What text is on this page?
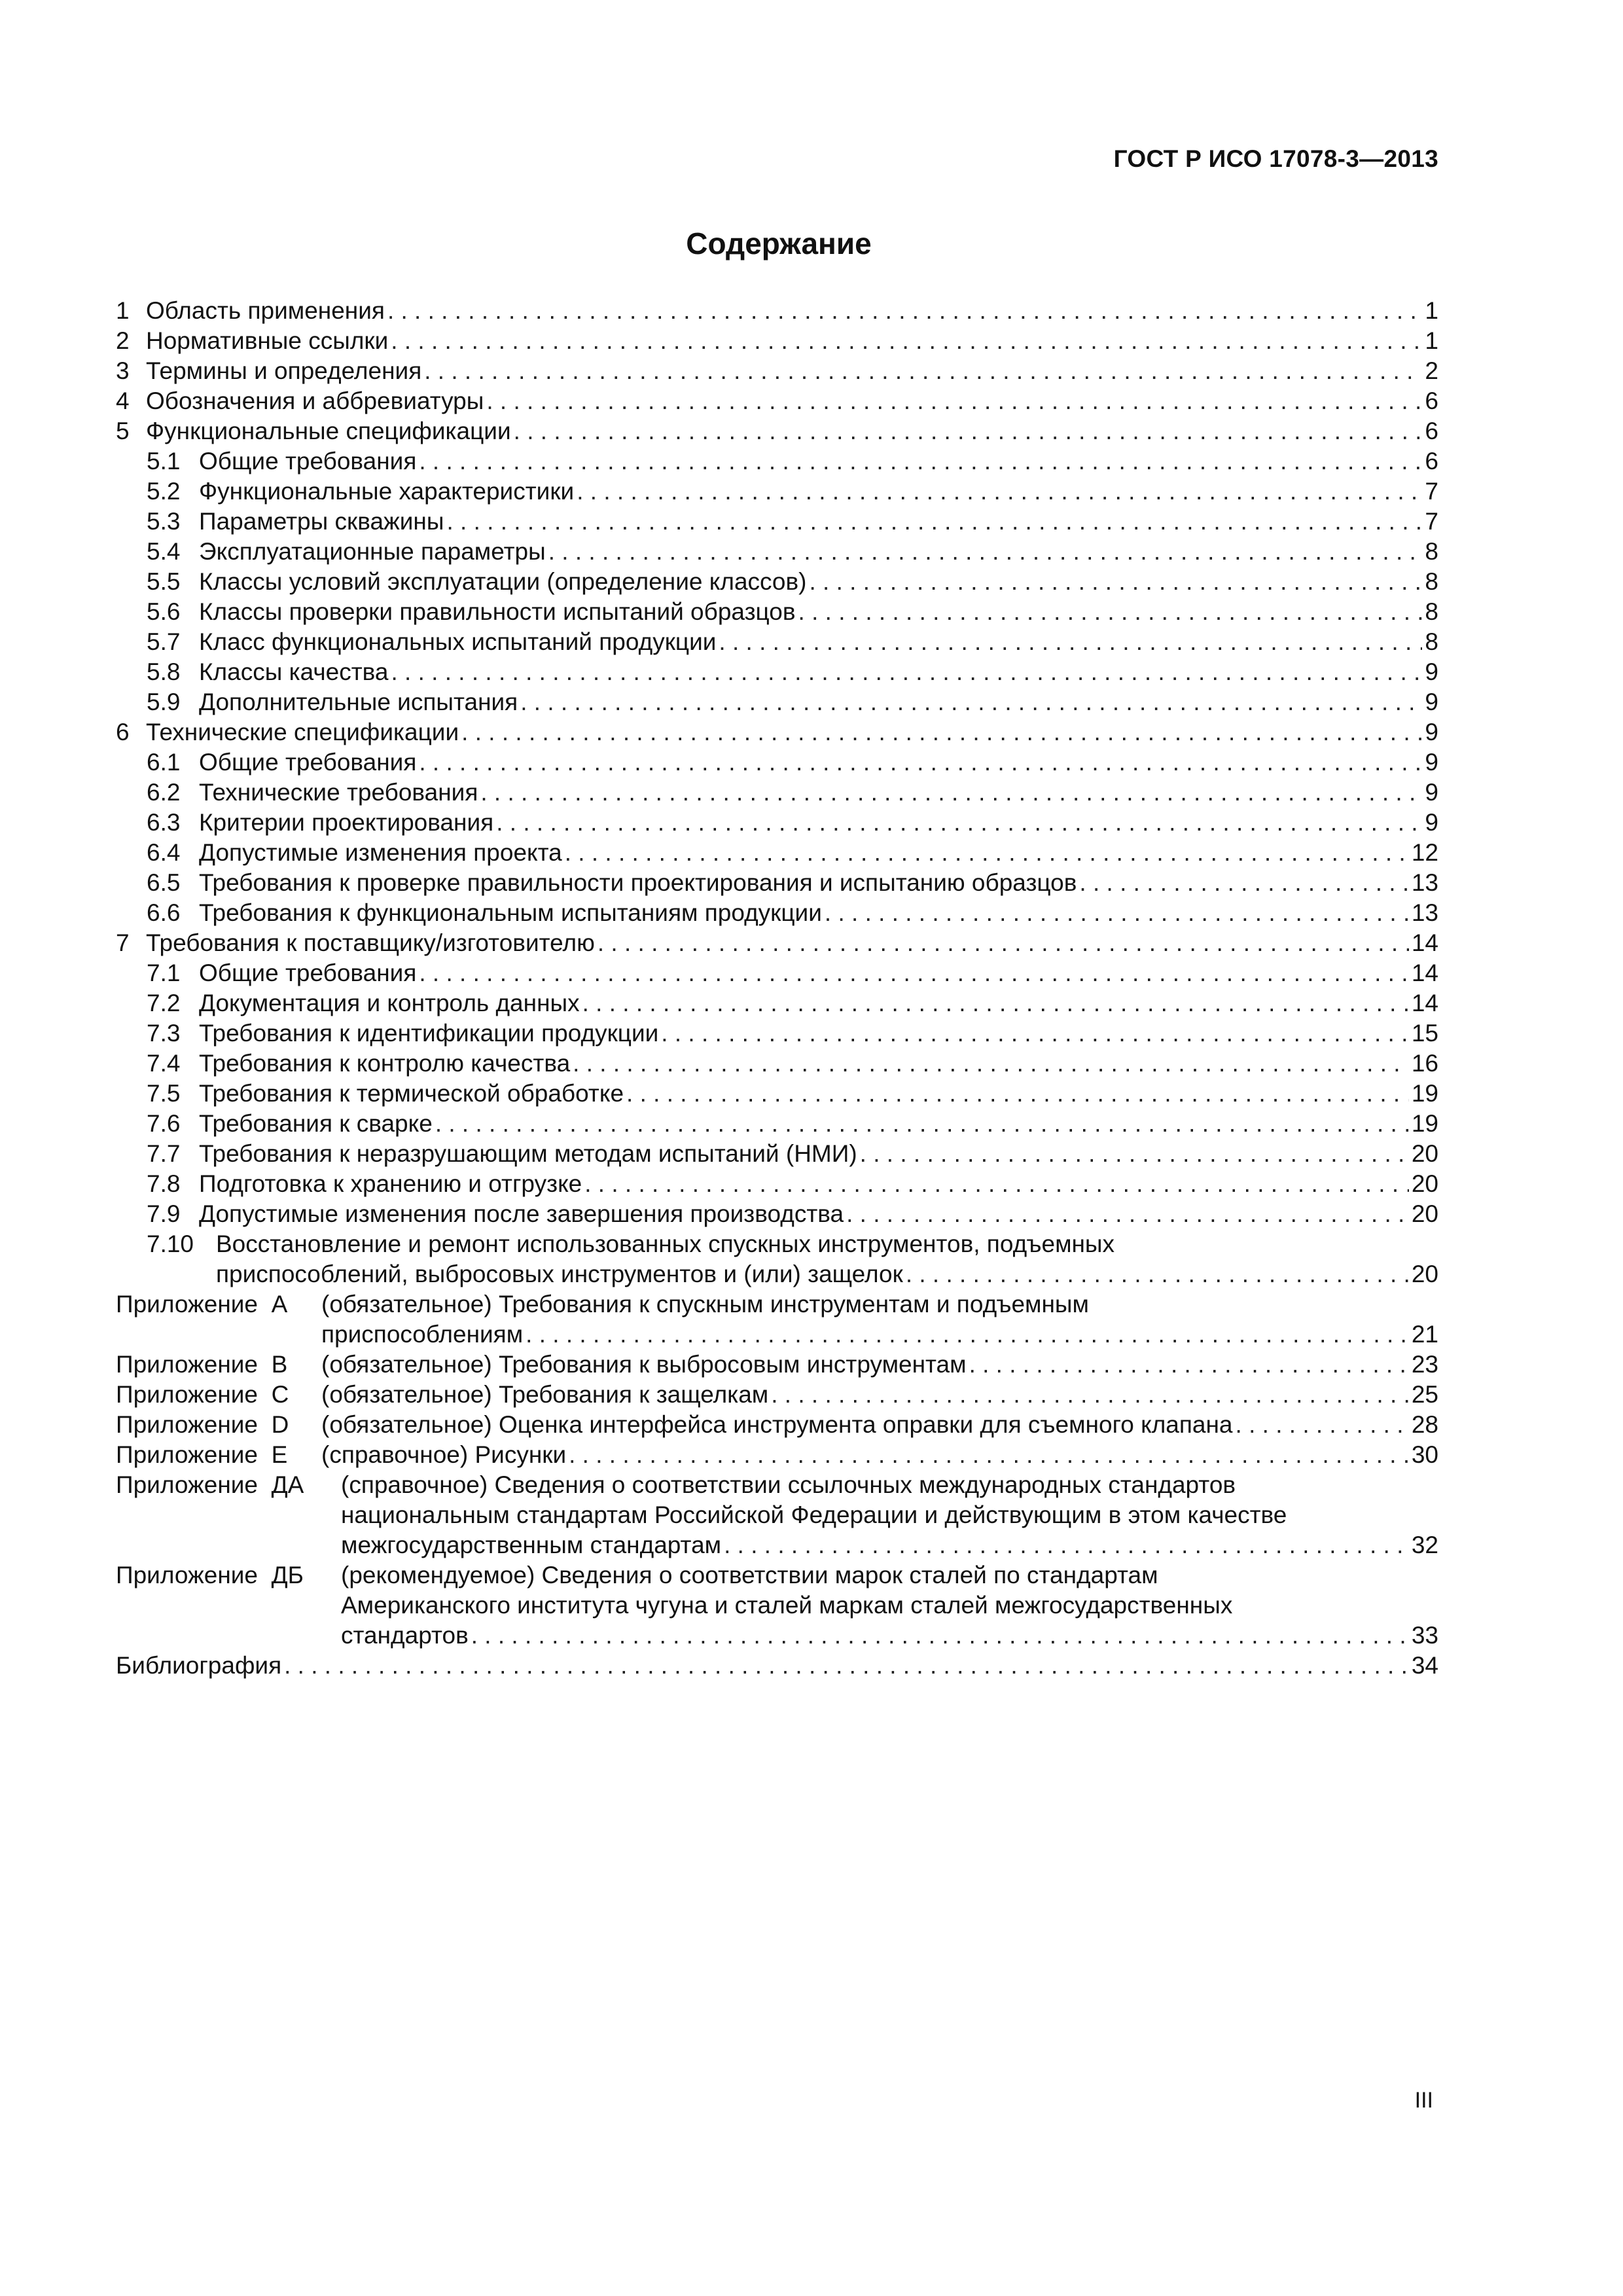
ГОСТ Р ИСО 17078-3—2013
Содержание
1 Область применения . . .	1
2 Нормативные ссылки . . .	1
3 Термины и определения . . .	2
4 Обозначения и аббревиатуры . . .	6
5 Функциональные спецификации . . .	6
5.1 Общие требования . . .	6
5.2 Функциональные характеристики . . .	7
5.3 Параметры скважины . . .	7
5.4 Эксплуатационные параметры . . .	8
5.5 Классы условий эксплуатации (определение классов) . . .	8
5.6 Классы проверки правильности испытаний образцов . . .	8
5.7 Класс функциональных испытаний продукции . . .	8
5.8 Классы качества . . .	9
5.9 Дополнительные испытания . . .	9
6 Технические спецификации . . .	9
6.1 Общие требования . . .	9
6.2 Технические требования . . .	9
6.3 Критерии проектирования . . .	9
6.4 Допустимые изменения проекта . . .	12
6.5 Требования к проверке правильности проектирования и испытанию образцов . . .	13
6.6 Требования к функциональным испытаниям продукции . . .	13
7 Требования к поставщику/изготовителю . . .	14
7.1 Общие требования . . .	14
7.2 Документация и контроль данных . . .	14
7.3 Требования к идентификации продукции . . .	15
7.4 Требования к контролю качества . . .	16
7.5 Требования к термической обработке . . .	19
7.6 Требования к сварке . . .	19
7.7 Требования к неразрушающим методам испытаний (НМИ) . . .	20
7.8 Подготовка к хранению и отгрузке . . .	20
7.9 Допустимые изменения после завершения производства . . .	20
7.10 Восстановление и ремонт использованных спускных инструментов, подъемных
приспособлений, выбросовых инструментов и (или) защелок . . .	20
Приложение  А	(обязательное) Требования к спускным инструментам и подъемным
приспособлениям . . .	21
Приложение  В	(обязательное) Требования к выбросовым инструментам . . .	23
Приложение  С	(обязательное) Требования к защелкам . . .	25
Приложение  D	(обязательное) Оценка интерфейса инструмента оправки для съемного клапана . . .	28
Приложение  Е	(справочное) Рисунки . . .	30
Приложение  ДА	(справочное) Сведения о соответствии ссылочных международных стандартов
национальным стандартам Российской Федерации и действующим в этом качестве
межгосударственным стандартам . . .	32
Приложение  ДБ	(рекомендуемое) Сведения о соответствии марок сталей по стандартам
Американского института чугуна и сталей маркам сталей межгосударственных
стандартов . . .	33
Библиография . . .	34
III
